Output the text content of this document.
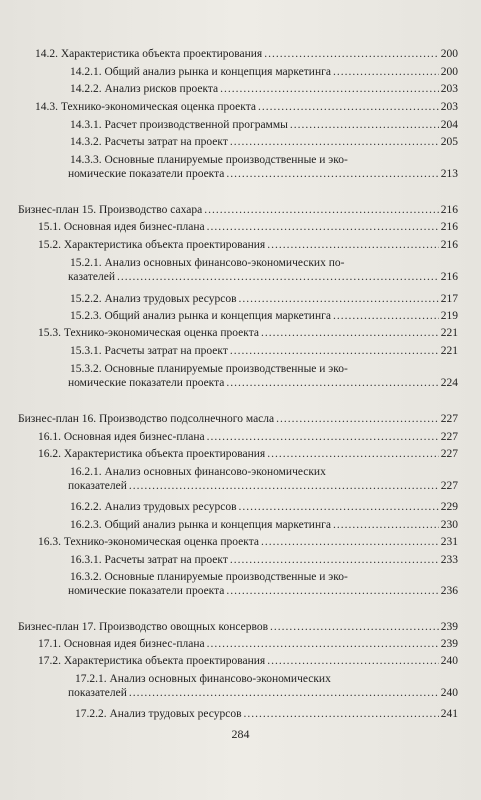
14.2. Характеристика объекта проектирования .....	200
14.2.1. Общий анализ рынка и концепция маркетинга .....	200
14.2.2. Анализ рисков проекта .....	203
14.3. Технико-экономическая оценка проекта .....	203
14.3.1. Расчет производственной программы .....	204
14.3.2. Расчеты затрат на проект .....	205
14.3.3. Основные планируемые производственные и эко-
номические показатели проекта .....	213
Бизнес-план 15. Производство сахара .....	216
15.1. Основная идея бизнес-плана .....	216
15.2. Характеристика объекта проектирования .....	216
15.2.1. Анализ основных финансово-экономических по-
казателей .....	216
15.2.2. Анализ трудовых ресурсов .....	217
15.2.3. Общий анализ рынка и концепция маркетинга .....	219
15.3. Технико-экономическая оценка проекта .....	221
15.3.1. Расчеты затрат на проект .....	221
15.3.2. Основные планируемые производственные и эко-
номические показатели проекта .....	224
Бизнес-план 16. Производство подсолнечного масла .....	227
16.1. Основная идея бизнес-плана .....	227
16.2. Характеристика объекта проектирования .....	227
16.2.1. Анализ основных финансово-экономических
показателей .....	227
16.2.2. Анализ трудовых ресурсов .....	229
16.2.3. Общий анализ рынка и концепция маркетинга .....	230
16.3. Технико-экономическая оценка проекта .....	231
16.3.1. Расчеты затрат на проект .....	233
16.3.2. Основные планируемые производственные и эко-
номические показатели проекта .....	236
Бизнес-план 17. Производство овощных консервов .....	239
17.1. Основная идея бизнес-плана .....	239
17.2. Характеристика объекта проектирования .....	240
17.2.1. Анализ основных финансово-экономических
показателей .....	240
17.2.2. Анализ трудовых ресурсов .....	241
284
